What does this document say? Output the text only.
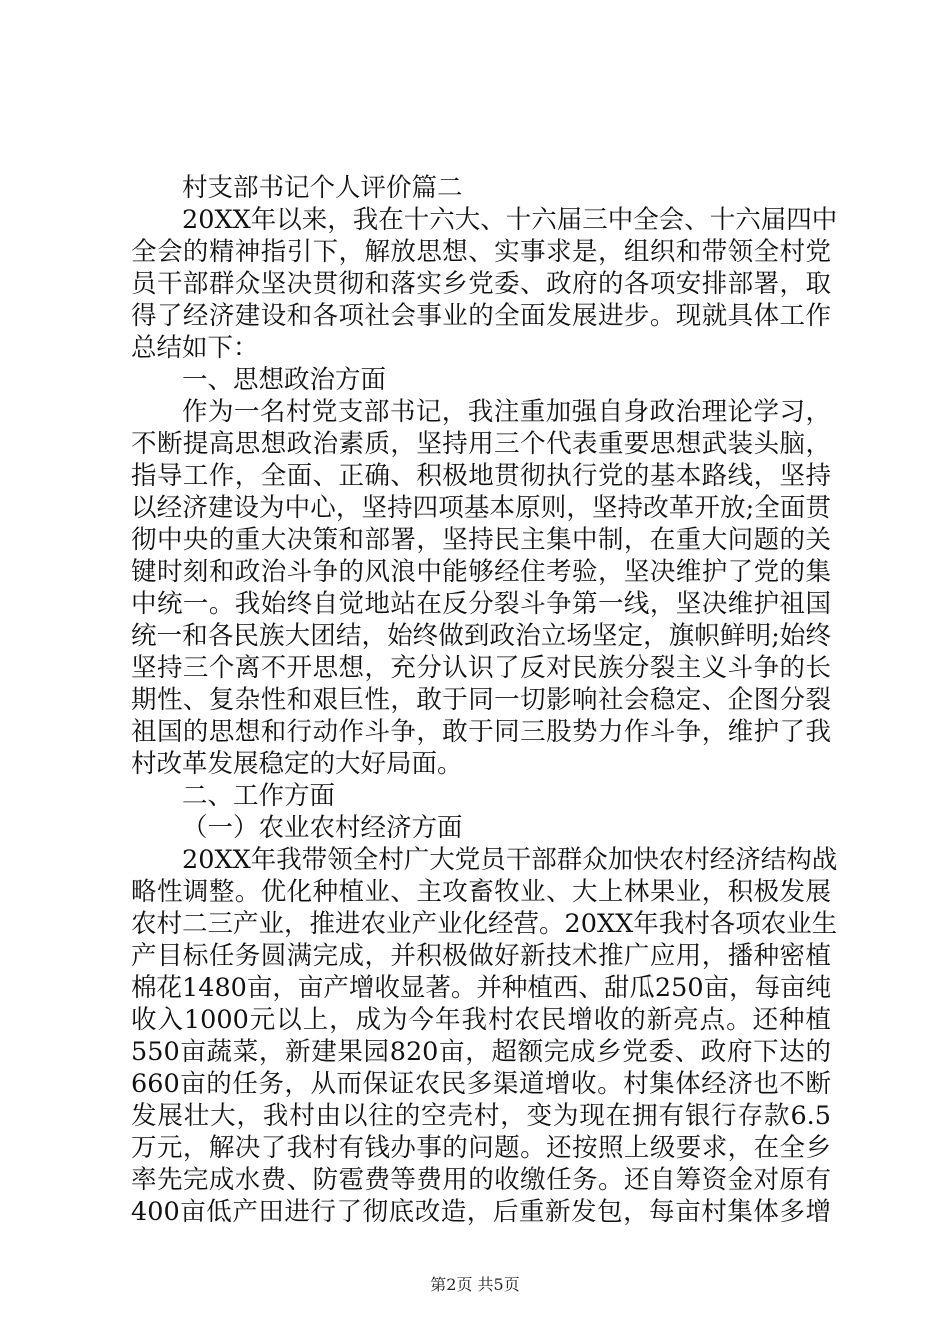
村支部书记个人评价篇二
20XX年以来，我在十六大、十六届三中全会、十六届四中
全会的精神指引下，解放思想、实事求是，组织和带领全村党
员干部群众坚决贯彻和落实乡党委、政府的各项安排部署，取
得了经济建设和各项社会事业的全面发展进步。现就具体工作
总结如下：
一、思想政治方面
作为一名村党支部书记，我注重加强自身政治理论学习，
不断提高思想政治素质，坚持用三个代表重要思想武装头脑，
指导工作，全面、正确、积极地贯彻执行党的基本路线，坚持
以经济建设为中心，坚持四项基本原则，坚持改革开放;全面贯
彻中央的重大决策和部署，坚持民主集中制，在重大问题的关
键时刻和政治斗争的风浪中能够经住考验，坚决维护了党的集
中统一。我始终自觉地站在反分裂斗争第一线，坚决维护祖国
统一和各民族大团结，始终做到政治立场坚定，旗帜鲜明;始终
坚持三个离不开思想，充分认识了反对民族分裂主义斗争的长
期性、复杂性和艰巨性，敢于同一切影响社会稳定、企图分裂
祖国的思想和行动作斗争，敢于同三股势力作斗争，维护了我
村改革发展稳定的大好局面。
二、工作方面
（一）农业农村经济方面
20XX年我带领全村广大党员干部群众加快农村经济结构战
略性调整。优化种植业、主攻畜牧业、大上林果业，积极发展
农村二三产业，推进农业产业化经营。20XX年我村各项农业生
产目标任务圆满完成，并积极做好新技术推广应用，播种密植
棉花1480亩，亩产增收显著。并种植西、甜瓜250亩，每亩纯
收入1000元以上，成为今年我村农民增收的新亮点。还种植
550亩蔬菜，新建果园820亩，超额完成乡党委、政府下达的
660亩的任务，从而保证农民多渠道增收。村集体经济也不断
发展壮大，我村由以往的空壳村，变为现在拥有银行存款6.5
万元，解决了我村有钱办事的问题。还按照上级要求，在全乡
率先完成水费、防雹费等费用的收缴任务。还自筹资金对原有
400亩低产田进行了彻底改造，后重新发包，每亩村集体多增
第2页 共5页
